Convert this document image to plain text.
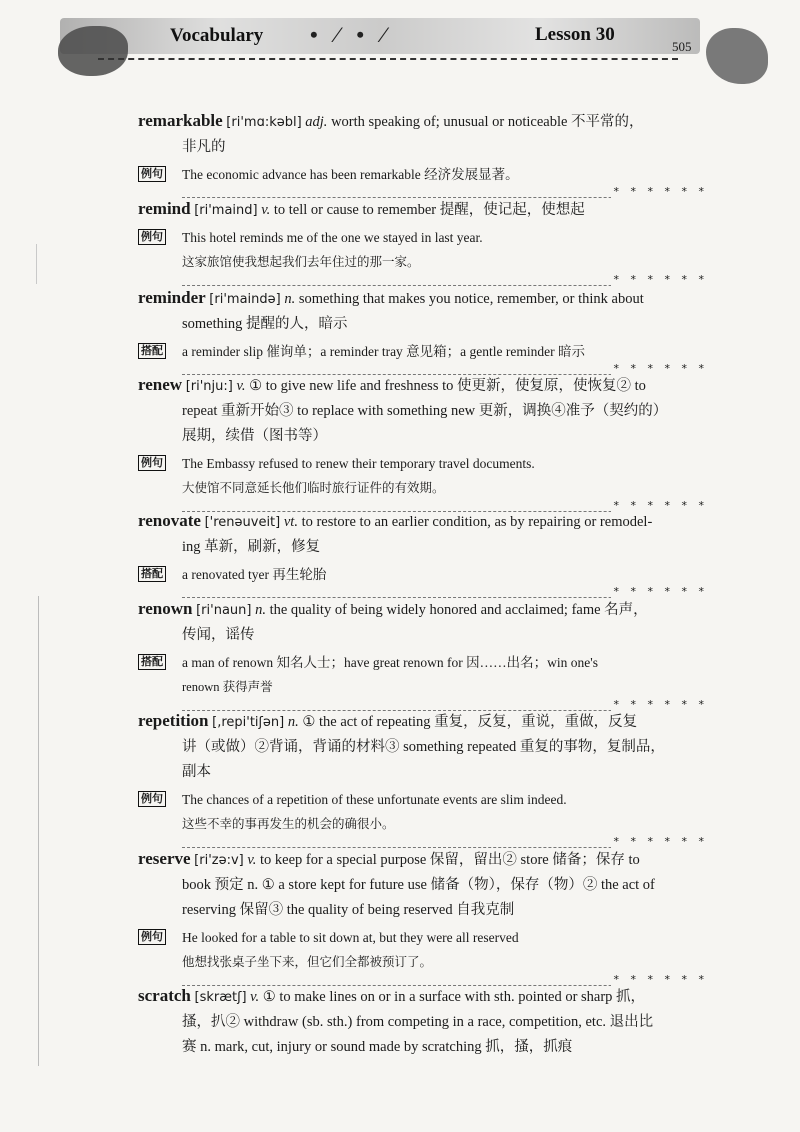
Vocabulary • ⁄ • ⁄	Lesson 30
505
remarkable [ri'mɑ:kəbl] adj. worth speaking of; unusual or noticeable 不平常的，
非凡的
例句 The economic advance has been remarkable 经济发展显著。
* * * * * *
remind [ri'maind] v. to tell or cause to remember 提醒，使记起，使想起
例句 This hotel reminds me of the one we stayed in last year.
这家旅馆使我想起我们去年住过的那一家。
* * * * * *
reminder [ri'maində] n. something that makes you notice, remember, or think about
something 提醒的人，暗示
搭配 a reminder slip 催询单；a reminder tray 意见箱；a gentle reminder 暗示
* * * * * *
renew [ri'nju:] v. ① to give new life and freshness to 使更新，使复原，使恢复② to
repeat 重新开始③ to replace with something new 更新，调换④准予（契约的）
展期，续借（图书等）
例句 The Embassy refused to renew their temporary travel documents.
大使馆不同意延长他们临时旅行证件的有效期。
* * * * * *
renovate ['renəuveit] vt. to restore to an earlier condition, as by repairing or remodel-
ing 革新，刷新，修复
搭配 a renovated tyer 再生轮胎
* * * * * *
renown [ri'naun] n. the quality of being widely honored and acclaimed; fame 名声，
传闻，谣传
搭配 a man of renown 知名人士；have great renown for 因……出名；win one's
renown 获得声誉
* * * * * *
repetition [,repi'tiʃən] n. ① the act of repeating 重复，反复，重说，重做，反复
讲（或做）②背诵，背诵的材料③ something repeated 重复的事物，复制品，
副本
例句 The chances of a repetition of these unfortunate events are slim indeed.
这些不幸的事再发生的机会的确很小。
* * * * * *
reserve [ri'zə:v] v. to keep for a special purpose 保留，留出② store 储备；保存 to
book 预定 n. ① a store kept for future use 储备（物），保存（物）② the act of
reserving 保留③ the quality of being reserved 自我克制
例句 He looked for a table to sit down at, but they were all reserved
他想找张桌子坐下来，但它们全都被预订了。
* * * * * *
scratch [skrætʃ] v. ① to make lines on or in a surface with sth. pointed or sharp 抓，
搔，扒② withdraw (sb. sth.) from competing in a race, competition, etc. 退出比
赛 n. mark, cut, injury or sound made by scratching 抓，搔，抓痕
